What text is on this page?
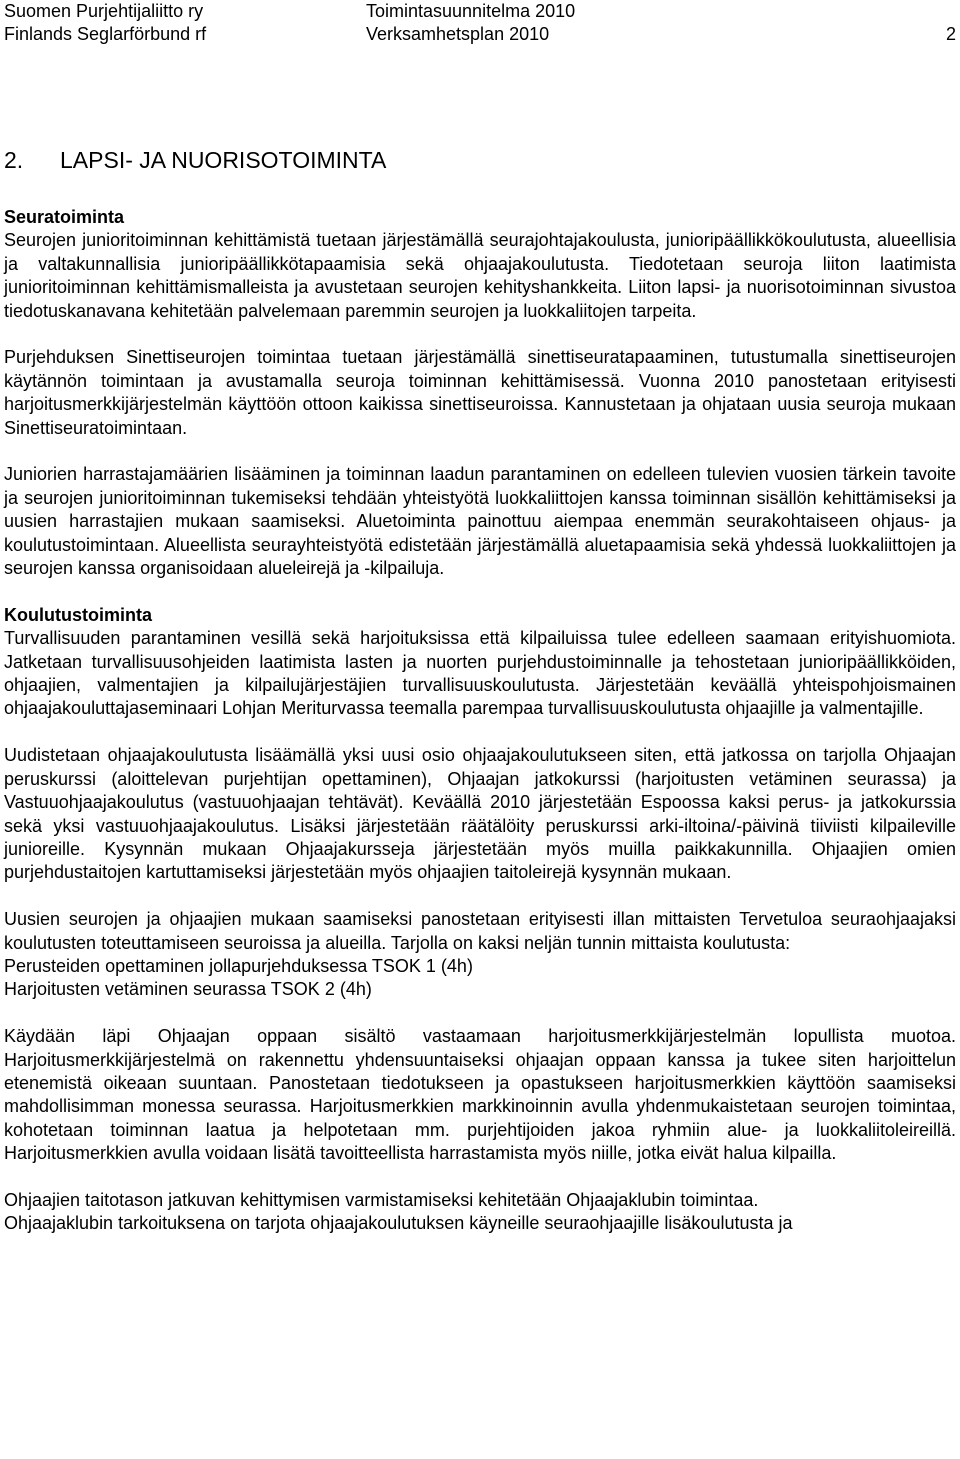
Suomen Purjehtijaliitto ry	Toimintasuunnitelma 2010
Finlands Seglarförbund rf	Verksamhetsplan 2010	2
2. LAPSI- JA NUORISOTOIMINTA
Seuratoiminta

Seurojen junioritoiminnan kehittämistä tuetaan järjestämällä seurajohtajakoulusta, junioripäällikkökoulutusta, alueellisia ja valtakunnallisia junioripäällikkötapaamisia sekä ohjaajakoulutusta. Tiedotetaan seuroja liiton laatimista junioritoiminnan kehittämismalleista ja avustetaan seurojen kehityshankkeita. Liiton lapsi- ja nuorisotoiminnan sivustoa tiedotuskanavana kehitetään palvelemaan paremmin seurojen ja luokkaliitojen tarpeita.

Purjehduksen Sinettiseurojen toimintaa tuetaan järjestämällä sinettiseuratapaaminen, tutustumalla sinettiseurojen käytännön toimintaan ja avustamalla seuroja toiminnan kehittämisessä. Vuonna 2010 panostetaan erityisesti harjoitusmerkkijärjestelmän käyttöön ottoon kaikissa sinettiseuroissa. Kannustetaan ja ohjataan uusia seuroja mukaan Sinettiseuratoimintaan.

Juniorien harrastajamäärien lisääminen ja toiminnan laadun parantaminen on edelleen tulevien vuosien tärkein tavoite ja seurojen junioritoiminnan tukemiseksi tehdään yhteistyötä luokkaliittojen kanssa toiminnan sisällön kehittämiseksi ja uusien harrastajien mukaan saamiseksi. Aluetoiminta painottuu aiempaa enemmän seurakohtaiseen ohjaus- ja koulutustoimintaan. Alueellista seurayhteistyötä edistetään järjestämällä aluetapaamisia sekä yhdessä luokkaliittojen ja seurojen kanssa organisoidaan alueleirejä ja -kilpailuja.

Koulutustoiminta

Turvallisuuden parantaminen vesillä sekä harjoituksissa että kilpailuissa tulee edelleen saamaan erityishuomiota. Jatketaan turvallisuusohjeiden laatimista lasten ja nuorten purjehdustoiminnalle ja tehostetaan junioripäällikköiden, ohjaajien, valmentajien ja kilpailujärjestäjien turvallisuuskoulutusta. Järjestetään keväällä yhteispohjoismainen ohjaajakouluttajaseminaari Lohjan Meriturvassa teemalla parempaa turvallisuuskoulutusta ohjaajille ja valmentajille.

Uudistetaan ohjaajakoulutusta lisäämällä yksi uusi osio ohjaajakoulutukseen siten, että jatkossa on tarjolla Ohjaajan peruskurssi (aloittelevan purjehtijan opettaminen), Ohjaajan jatkokurssi (harjoitusten vetäminen seurassa) ja Vastuuohjaajakoulutus (vastuuohjaajan tehtävät). Keväällä 2010 järjestetään Espoossa kaksi perus- ja jatkokurssia sekä yksi vastuuohjaajakoulutus. Lisäksi järjestetään räätälöity peruskurssi arki-iltoina/-päivinä tiiviisti kilpaileville junioreille. Kysynnän mukaan Ohjaajakursseja järjestetään myös muilla paikkakunnilla. Ohjaajien omien purjehdustaitojen kartuttamiseksi järjestetään myös ohjaajien taitoleirejä kysynnän mukaan.

Uusien seurojen ja ohjaajien mukaan saamiseksi panostetaan erityisesti illan mittaisten Tervetuloa seuraohjaajaksi koulutusten toteuttamiseen seuroissa ja alueilla. Tarjolla on kaksi neljän tunnin mittaista koulutusta:

Perusteiden opettaminen jollapurjehduksessa TSOK 1 (4h)
Harjoitusten vetäminen seurassa TSOK 2 (4h)

Käydään läpi Ohjaajan oppaan sisältö vastaamaan harjoitusmerkkijärjestelmän lopullista muotoa. Harjoitusmerkkijärjestelmä on rakennettu yhdensuuntaiseksi ohjaajan oppaan kanssa ja tukee siten harjoittelun etenemistä oikeaan suuntaan. Panostetaan tiedotukseen ja opastukseen harjoitusmerkkien käyttöön saamiseksi mahdollisimman monessa seurassa. Harjoitusmerkkien markkinoinnin avulla yhdenmukaistetaan seurojen toimintaa, kohotetaan toiminnan laatua ja helpotetaan mm. purjehtijoiden jakoa ryhmiin alue- ja luokkaliitoleireillä. Harjoitusmerkkien avulla voidaan lisätä tavoitteellista harrastamista myös niille, jotka eivät halua kilpailla.

Ohjaajien taitotason jatkuvan kehittymisen varmistamiseksi kehitetään Ohjaajaklubin toimintaa.
Ohjaajaklubin tarkoituksena on tarjota ohjaajakoulutuksen käyneille seuraohjaajille lisäkoulutusta ja
